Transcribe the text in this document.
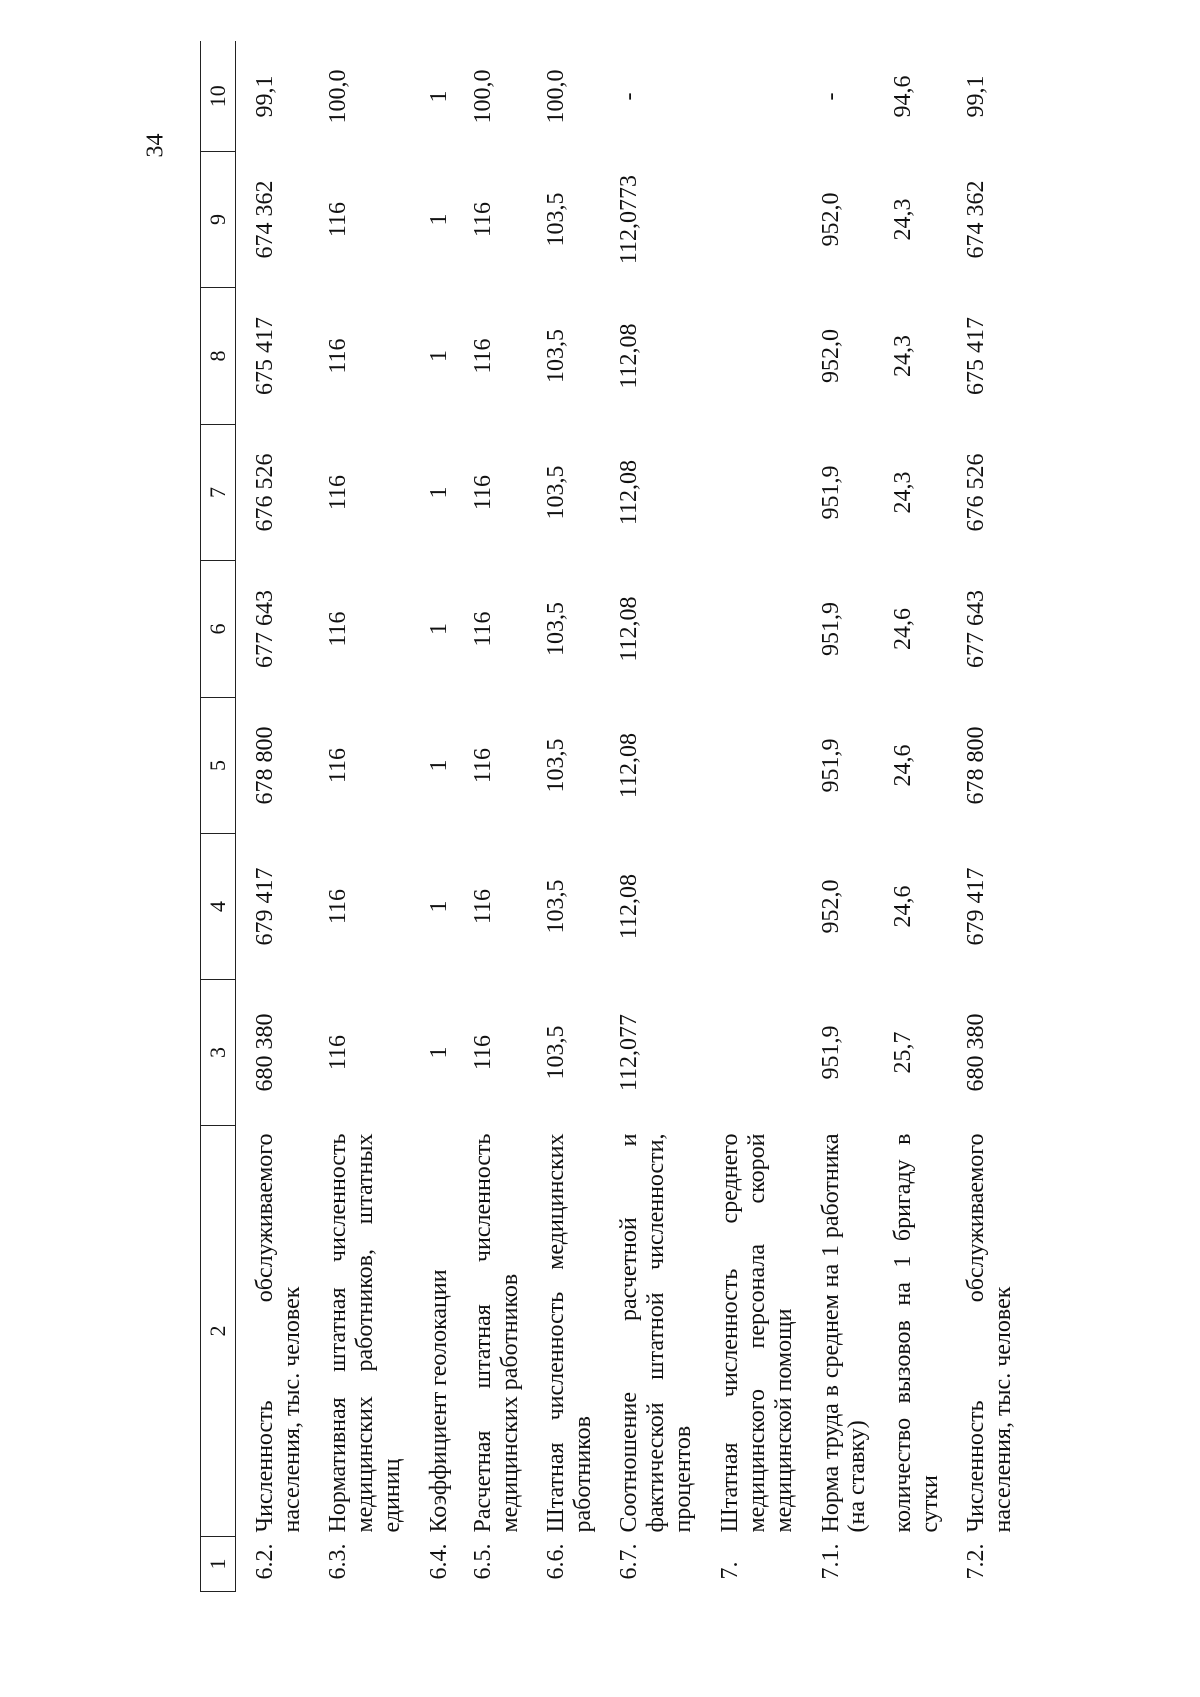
34
1	2	3	4	5	6	7	8	9	10
6.2.	Численность обслуживаемого населения, тыс. человек	680 380	679 417	678 800	677 643	676 526	675 417	674 362	99,1
6.3.	Нормативная штатная численность медицинских работников, штатных единиц	116	116	116	116	116	116	116	100,0
6.4.	Коэффициент геолокации	1	1	1	1	1	1	1	1
6.5.	Расчетная штатная численность медицинских работников	116	116	116	116	116	116	116	100,0
6.6.	Штатная численность медицинских работников	103,5	103,5	103,5	103,5	103,5	103,5	103,5	100,0
6.7.	Соотношение расчетной и фактической штатной численности, процентов	112,077	112,08	112,08	112,08	112,08	112,08	112,0773	-
7.	Штатная численность среднего медицинского персонала скорой медицинской помощи								
7.1.	Норма труда в среднем на 1 работника (на ставку)	951,9	952,0	951,9	951,9	951,9	952,0	952,0	-
	количество вызовов на 1 бригаду в сутки	25,7	24,6	24,6	24,6	24,3	24,3	24,3	94,6
7.2.	Численность обслуживаемого населения, тыс. человек	680 380	679 417	678 800	677 643	676 526	675 417	674 362	99,1
